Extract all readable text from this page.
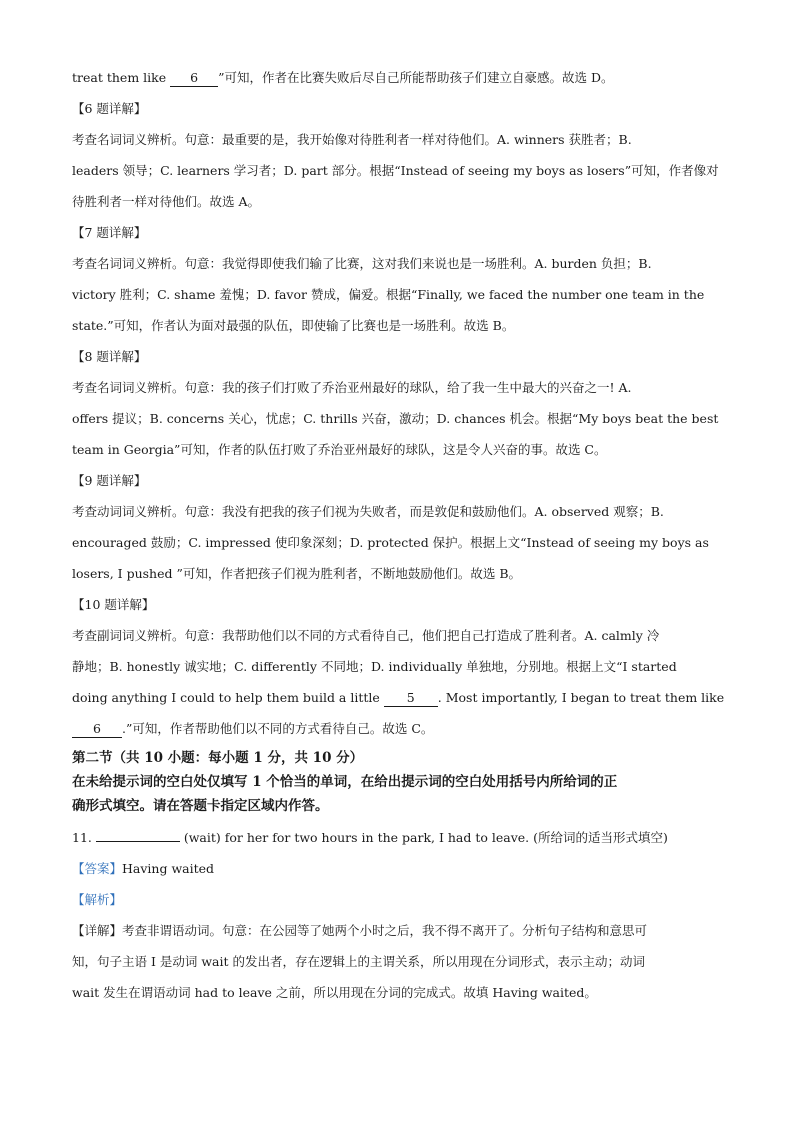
treat them like 6 ”可知，作者在比赛失败后尽自己所能帮助孩子们建立自豪感。故选 D。
【6 题详解】
考查名词词义辨析。句意：最重要的是，我开始像对待胜利者一样对待他们。A. winners 获胜者；B.
leaders 领导；C. learners 学习者；D. part 部分。根据“Instead of seeing my boys as losers”可知，作者像对
待胜利者一样对待他们。故选 A。
【7 题详解】
考查名词词义辨析。句意：我觉得即使我们输了比赛，这对我们来说也是一场胜利。A. burden 负担；B.
victory 胜利；C. shame 羞愧；D. favor 赞成，偏爱。根据“Finally, we faced the number one team in the
state.”可知，作者认为面对最强的队伍，即使输了比赛也是一场胜利。故选 B。
【8 题详解】
考查名词词义辨析。句意：我的孩子们打败了乔治亚州最好的球队，给了我一生中最大的兴奋之一! A.
offers 提议；B. concerns 关心，忧虑；C. thrills 兴奋，激动；D. chances 机会。根据“My boys beat the best
team in Georgia”可知，作者的队伍打败了乔治亚州最好的球队，这是令人兴奋的事。故选 C。
【9 题详解】
考查动词词义辨析。句意：我没有把我的孩子们视为失败者，而是敦促和鼓励他们。A. observed 观察；B.
encouraged 鼓励；C. impressed 使印象深刻；D. protected 保护。根据上文“Instead of seeing my boys as
losers, I pushed ”可知，作者把孩子们视为胜利者，不断地鼓励他们。故选 B。
【10 题详解】
考查副词词义辨析。句意：我帮助他们以不同的方式看待自己，他们把自己打造成了胜利者。A. calmly 冷
静地；B. honestly 诚实地；C. differently 不同地；D. individually 单独地，分别地。根据上文“I started
doing anything I could to help them build a little 5 . Most importantly, I began to treat them like
6 .”可知，作者帮助他们以不同的方式看待自己。故选 C。
第二节（共 10 小题：每小题 1 分，共 10 分）
在未给提示词的空白处仅填写 1 个恰当的单词，在给出提示词的空白处用括号内所给词的正
确形式填空。请在答题卡指定区域内作答。
11.	(wait) for her for two hours in the park, I had to leave. (所给词的适当形式填空)
【答案】Having waited
【解析】
【详解】考查非谓语动词。句意：在公园等了她两个小时之后，我不得不离开了。分析句子结构和意思可
知，句子主语 I 是动词 wait 的发出者，存在逻辑上的主谓关系，所以用现在分词形式，表示主动；动词
wait 发生在谓语动词 had to leave 之前，所以用现在分词的完成式。故填 Having waited。
